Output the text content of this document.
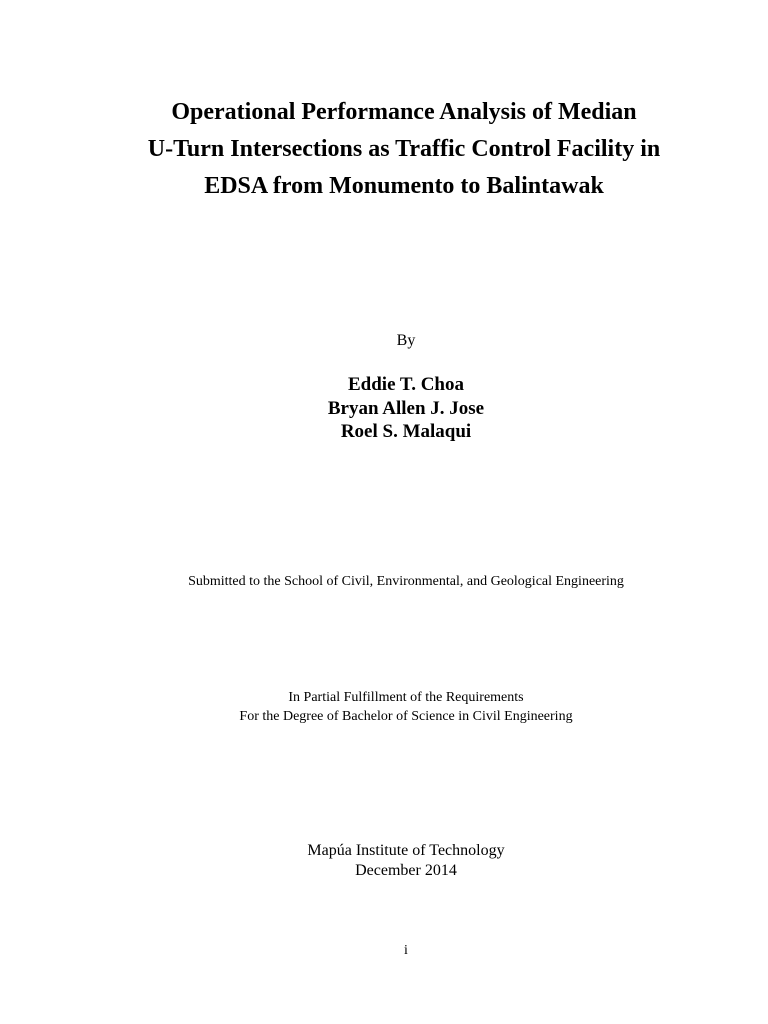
Operational Performance Analysis of Median
U-Turn Intersections as Traffic Control Facility in
EDSA from Monumento to Balintawak
By
Eddie T. Choa
Bryan Allen J. Jose
Roel S. Malaqui
Submitted to the School of Civil, Environmental, and Geological Engineering
In Partial Fulfillment of the Requirements
For the Degree of Bachelor of Science in Civil Engineering
Mapúa Institute of Technology
December 2014
i
